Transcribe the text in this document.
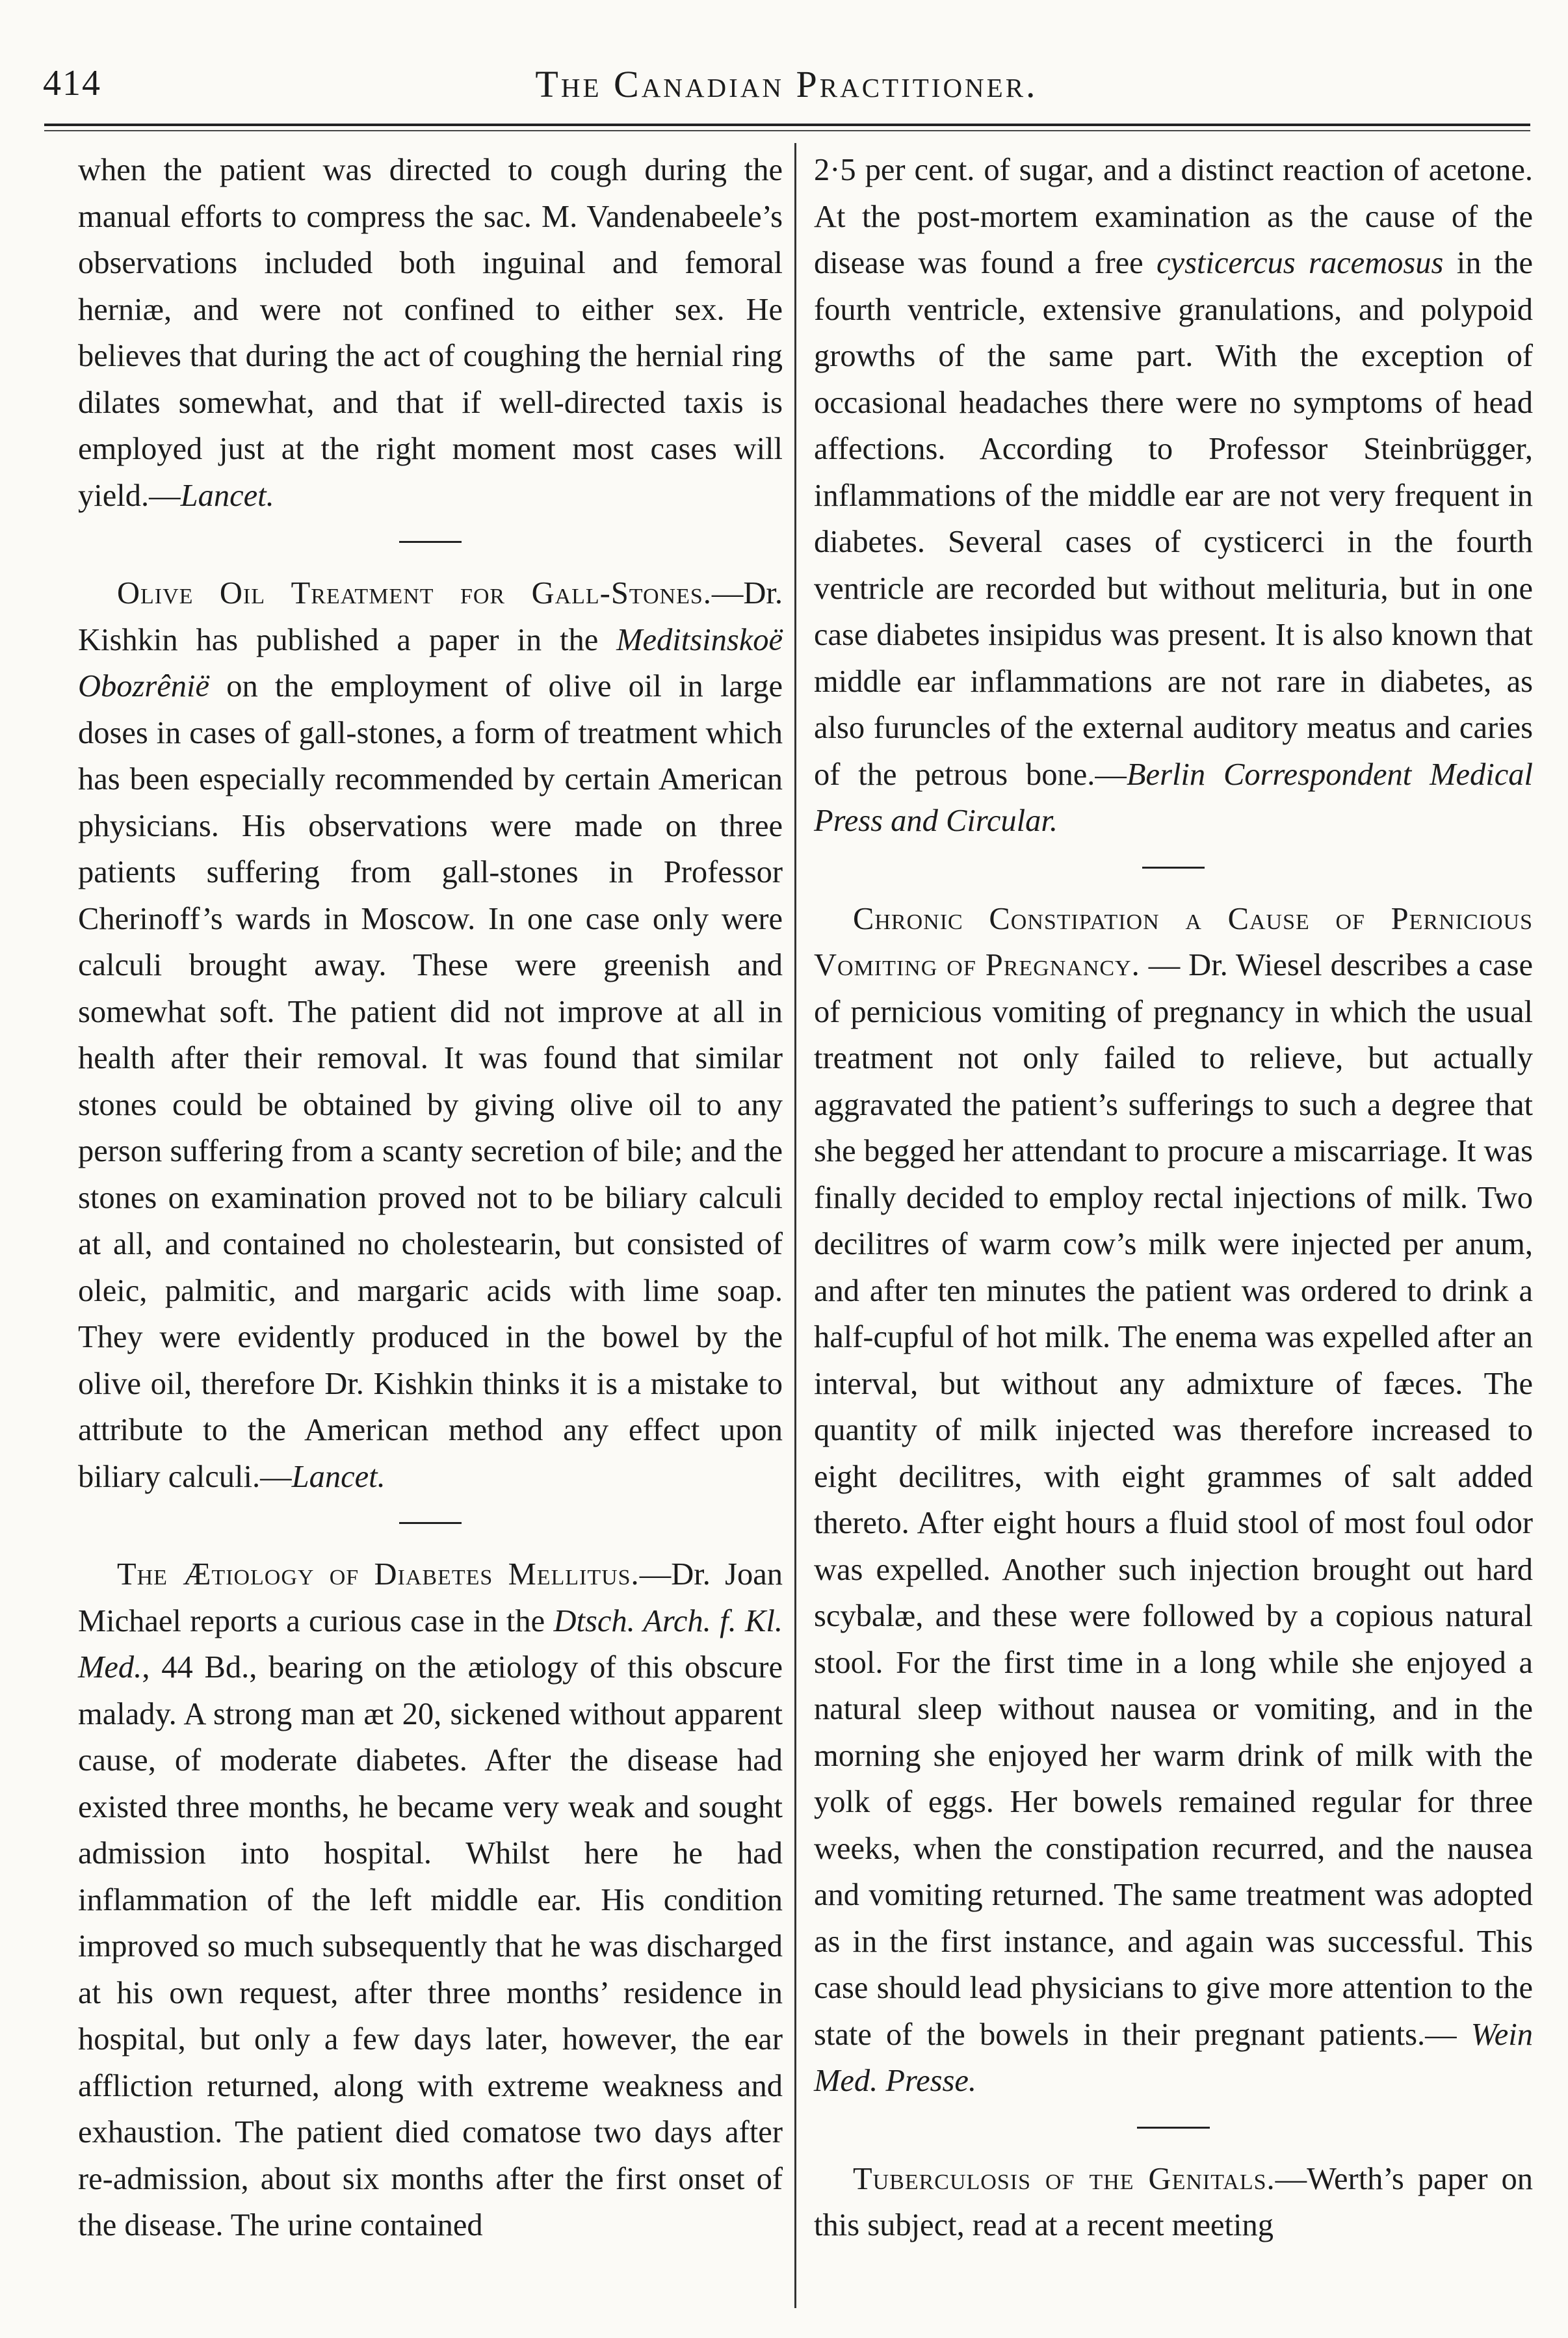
414	The Canadian Practitioner.

when the patient was directed to cough during the manual efforts to compress the sac. M. Vandenabeele’s observations included both inguinal and femoral herniæ, and were not confined to either sex. He believes that during the act of coughing the hernial ring dilates somewhat, and that if well-directed taxis is employed just at the right moment most cases will yield.—Lancet.

Olive Oil Treatment for Gall-Stones.—Dr. Kishkin has published a paper in the Meditsinskoë Obozrênië on the employment of olive oil in large doses in cases of gall-stones, a form of treatment which has been especially recommended by certain American physicians. His observations were made on three patients suffering from gall-stones in Professor Cherinoff’s wards in Moscow. In one case only were calculi brought away. These were greenish and somewhat soft. The patient did not improve at all in health after their removal. It was found that similar stones could be obtained by giving olive oil to any person suffering from a scanty secretion of bile; and the stones on examination proved not to be biliary calculi at all, and contained no cholestearin, but consisted of oleic, palmitic, and margaric acids with lime soap. They were evidently produced in the bowel by the olive oil, therefore Dr. Kishkin thinks it is a mistake to attribute to the American method any effect upon biliary calculi.—Lancet.

The Ætiology of Diabetes Mellitus.—Dr. Joan Michael reports a curious case in the Dtsch. Arch. f. Kl. Med., 44 Bd., bearing on the ætiology of this obscure malady. A strong man æt 20, sickened without apparent cause, of moderate diabetes. After the disease had existed three months, he became very weak and sought admission into hospital. Whilst here he had inflammation of the left middle ear. His condition improved so much subsequently that he was discharged at his own request, after three months’ residence in hospital, but only a few days later, however, the ear affliction returned, along with extreme weakness and exhaustion. The patient died comatose two days after re-admission, about six months after the first onset of the disease. The urine contained

2·5 per cent. of sugar, and a distinct reaction of acetone. At the post-mortem examination as the cause of the disease was found a free cysticercus racemosus in the fourth ventricle, extensive granulations, and polypoid growths of the same part. With the exception of occasional headaches there were no symptoms of head affections. According to Professor Steinbrügger, inflammations of the middle ear are not very frequent in diabetes. Several cases of cysticerci in the fourth ventricle are recorded but without melituria, but in one case diabetes insipidus was present. It is also known that middle ear inflammations are not rare in diabetes, as also furuncles of the external auditory meatus and caries of the petrous bone.—Berlin Correspondent Medical Press and Circular.

Chronic Constipation a Cause of Pernicious Vomiting of Pregnancy. — Dr. Wiesel describes a case of pernicious vomiting of pregnancy in which the usual treatment not only failed to relieve, but actually aggravated the patient’s sufferings to such a degree that she begged her attendant to procure a miscarriage. It was finally decided to employ rectal injections of milk. Two decilitres of warm cow’s milk were injected per anum, and after ten minutes the patient was ordered to drink a half-cupful of hot milk. The enema was expelled after an interval, but without any admixture of fæces. The quantity of milk injected was therefore increased to eight decilitres, with eight grammes of salt added thereto. After eight hours a fluid stool of most foul odor was expelled. Another such injection brought out hard scybalæ, and these were followed by a copious natural stool. For the first time in a long while she enjoyed a natural sleep without nausea or vomiting, and in the morning she enjoyed her warm drink of milk with the yolk of eggs. Her bowels remained regular for three weeks, when the constipation recurred, and the nausea and vomiting returned. The same treatment was adopted as in the first instance, and again was successful. This case should lead physicians to give more attention to the state of the bowels in their pregnant patients.— Wein Med. Presse.

Tuberculosis of the Genitals.—Werth’s paper on this subject, read at a recent meeting
